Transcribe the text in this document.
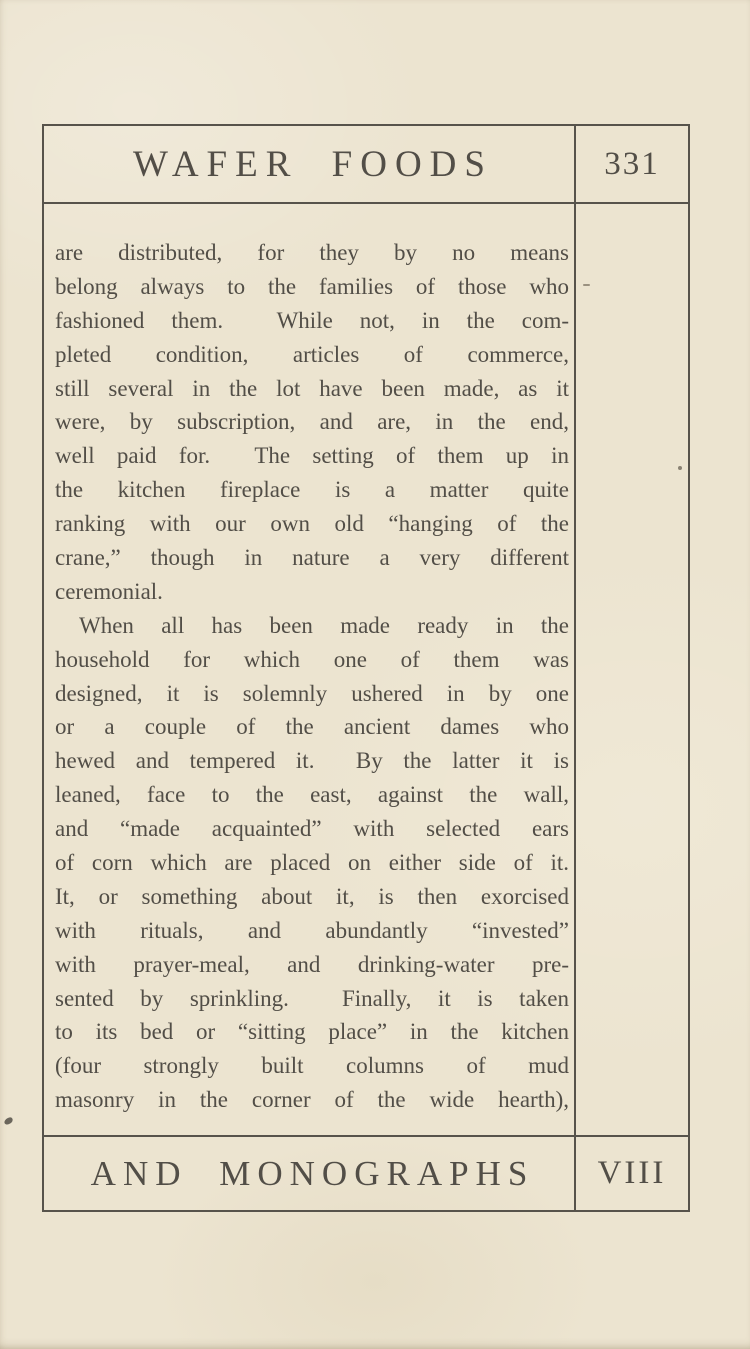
WAFER FOODS	331
are distributed, for they by no means
belong always to the families of those who
fashioned them.  While not, in the com-
pleted condition, articles of commerce,
still several in the lot have been made, as it
were, by subscription, and are, in the end,
well paid for.  The setting of them up in
the kitchen fireplace is a matter quite
ranking with our own old “hanging of the
crane,” though in nature a very different
ceremonial.
When all has been made ready in the
household for which one of them was
designed, it is solemnly ushered in by one
or a couple of the ancient dames who
hewed and tempered it.  By the latter it is
leaned, face to the east, against the wall,
and “made acquainted” with selected ears
of corn which are placed on either side of it.
It, or something about it, is then exorcised
with rituals, and abundantly “invested”
with prayer-meal, and drinking-water pre-
sented by sprinkling.  Finally, it is taken
to its bed or “sitting place” in the kitchen
(four strongly built columns of mud
masonry in the corner of the wide hearth),
AND MONOGRAPHS	VIII
